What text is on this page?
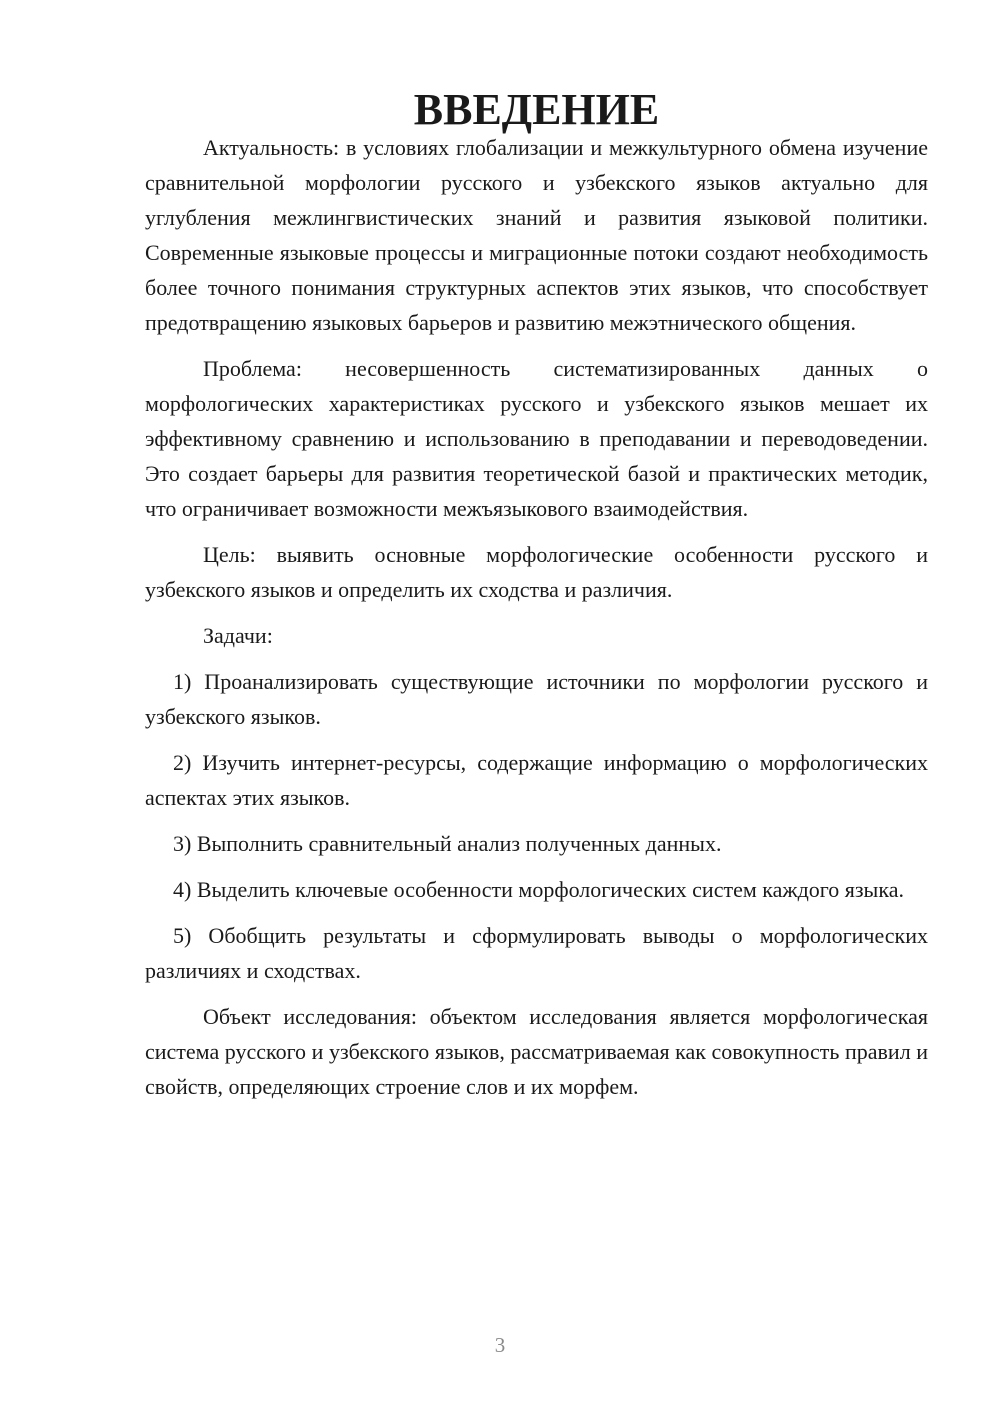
ВВЕДЕНИЕ

Актуальность: в условиях глобализации и межкультурного обмена изучение сравнительной морфологии русского и узбекского языков актуально для углубления межлингвистических знаний и развития языковой политики. Современные языковые процессы и миграционные потоки создают необходимость более точного понимания структурных аспектов этих языков, что способствует предотвращению языковых барьеров и развитию межэтнического общения.

Проблема: несовершенность систематизированных данных о морфологических характеристиках русского и узбекского языков мешает их эффективному сравнению и использованию в преподавании и переводоведении. Это создает барьеры для развития теоретической базой и практических методик, что ограничивает возможности межъязыкового взаимодействия.

Цель: выявить основные морфологические особенности русского и узбекского языков и определить их сходства и различия.

Задачи:

1) Проанализировать существующие источники по морфологии русского и узбекского языков.

2) Изучить интернет-ресурсы, содержащие информацию о морфологических аспектах этих языков.

3) Выполнить сравнительный анализ полученных данных.

4) Выделить ключевые особенности морфологических систем каждого языка.

5) Обобщить результаты и сформулировать выводы о морфологических различиях и сходствах.

Объект исследования: объектом исследования является морфологическая система русского и узбекского языков, рассматриваемая как совокупность правил и свойств, определяющих строение слов и их морфем.

3
